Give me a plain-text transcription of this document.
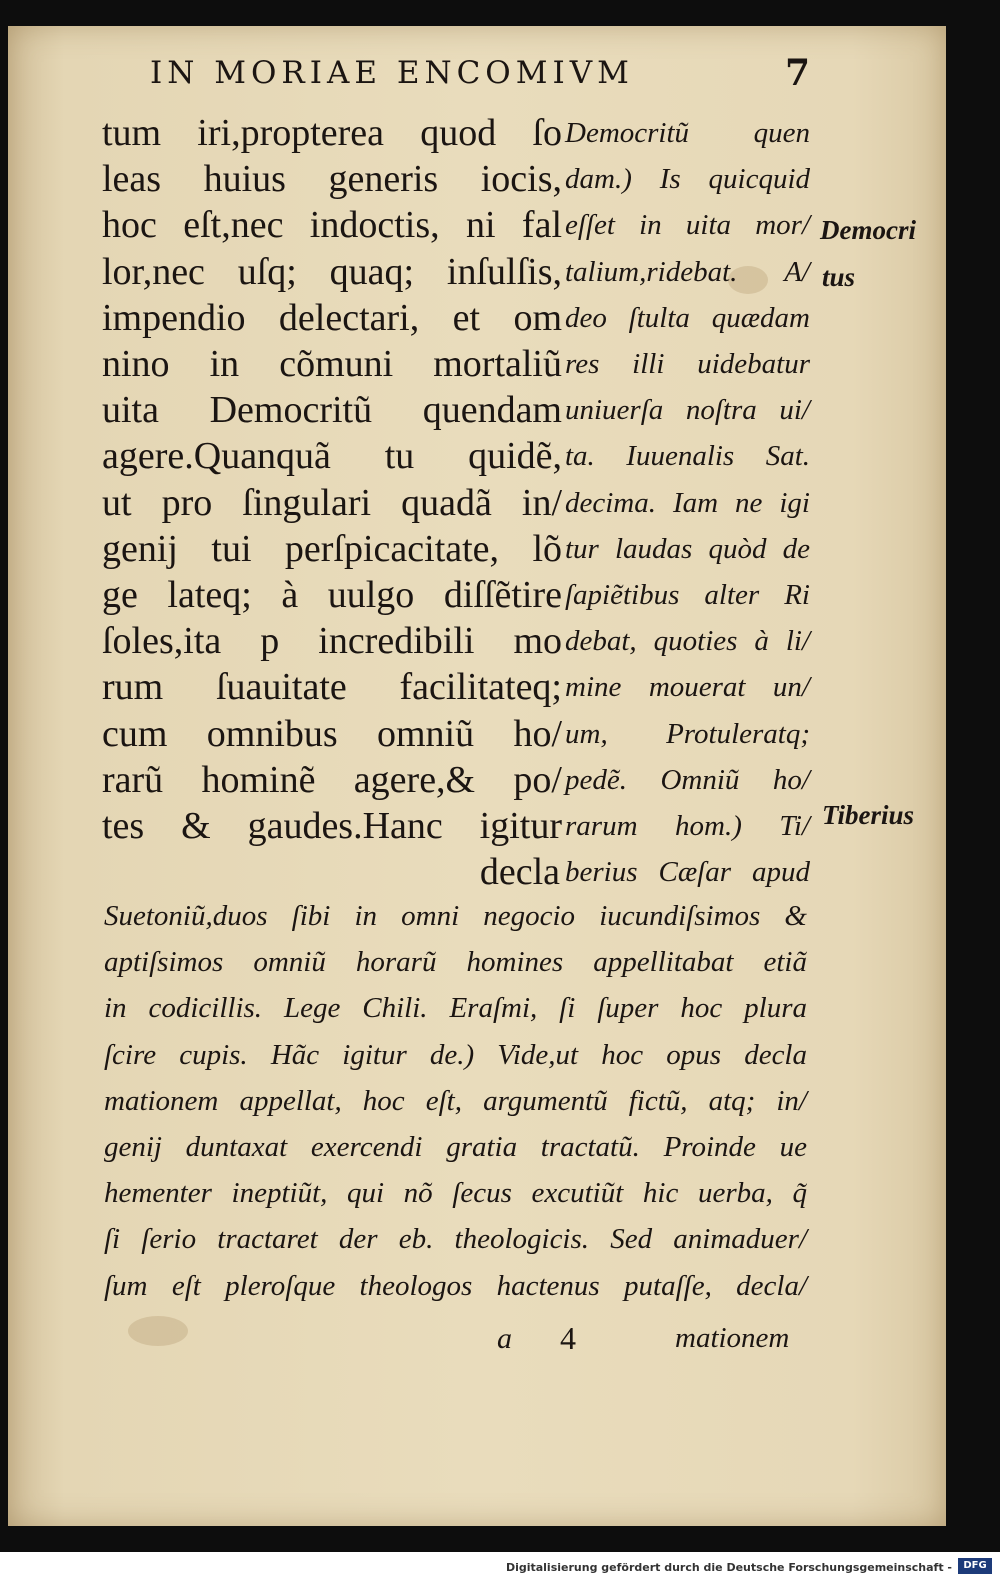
IN MORIAE ENCOMIVM	7
tum iri,propterea quod ſo
leas huius generis iocis,
hoc eſt,nec indoctis, ni fal
lor,nec uſq; quaq; inſulſis,
impendio delectari, et om
nino in cõmuni mortaliũ
uita Democritũ quendam
agere.Quanquã tu quidẽ,
ut pro ſingulari quadã in/
genij tui perſpicacitate, lõ
ge lateq; à uulgo diſſẽtire
ſoles,ita p incredibili mo
rum ſuauitate facilitateq;
cum omnibus omniũ ho/
rarũ hominẽ agere,& po/
tes & gaudes.Hanc igitur
decla
Democritũ quen
dam.) Is quicquid
eſſet in uita mor/
talium,ridebat. A/
deo ſtulta quædam
res illi uidebatur
uniuerſa noſtra ui/
ta. Iuuenalis Sat.
decima. Iam ne igi
tur laudas quòd de
ſapiẽtibus alter Ri
debat, quoties à li/
mine mouerat un/
um, Protuleratq;
pedẽ. Omniũ ho/
rarum hom.) Ti/
berius Cæſar apud
Suetoniũ,duos ſibi in omni negocio iucundiſsimos &
aptiſsimos omniũ horarũ homines appellitabat etiã
in codicillis. Lege Chili. Eraſmi, ſi ſuper hoc plura
ſcire cupis. Hãc igitur de.) Vide,ut hoc opus decla
mationem appellat, hoc eſt, argumentũ fictũ, atq; in/
genij duntaxat exercendi gratia tractatũ. Proinde ue
hementer ineptiũt, qui nõ ſecus excutiũt hic uerba, q̃
ſi ſerio tractaret der eb. theologicis. Sed animaduer/
ſum eſt pleroſque theologos hactenus putaſſe, decla/
Democri
tus
Tiberius
a 4	mationem
Digitalisierung gefördert durch die Deutsche Forschungsgemeinschaft -	DFG
